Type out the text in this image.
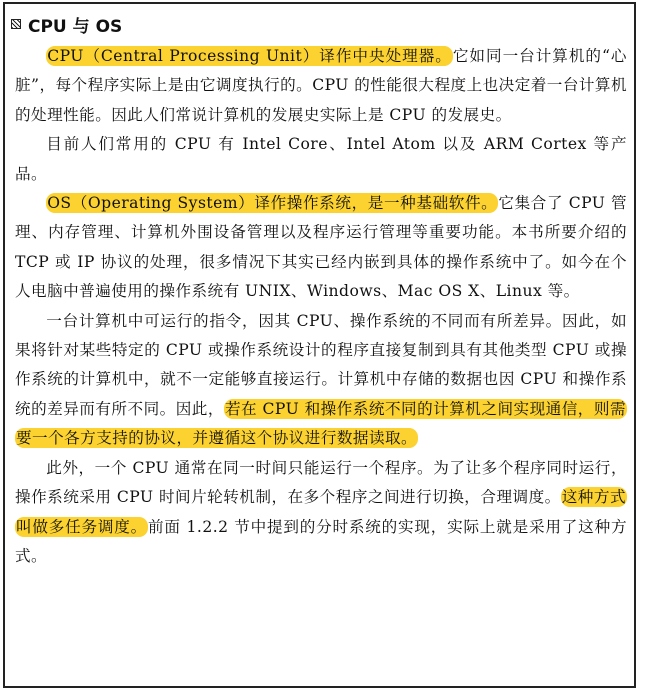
CPU 与 OS

CPU（Central Processing Unit）译作中央处理器。它如同一台计算机的“心脏”，每个程序实际上是由它调度执行的。CPU 的性能很大程度上也决定着一台计算机的处理性能。因此人们常说计算机的发展史实际上是 CPU 的发展史。

目前人们常用的 CPU 有 Intel Core、Intel Atom 以及 ARM Cortex 等产品。

OS（Operating System）译作操作系统，是一种基础软件。它集合了 CPU 管理、内存管理、计算机外围设备管理以及程序运行管理等重要功能。本书所要介绍的 TCP 或 IP 协议的处理，很多情况下其实已经内嵌到具体的操作系统中了。如今在个人电脑中普遍使用的操作系统有 UNIX、Windows、Mac OS X、Linux 等。

一台计算机中可运行的指令，因其 CPU、操作系统的不同而有所差异。因此，如果将针对某些特定的 CPU 或操作系统设计的程序直接复制到具有其他类型 CPU 或操作系统的计算机中，就不一定能够直接运行。计算机中存储的数据也因 CPU 和操作系统的差异而有所不同。因此，若在 CPU 和操作系统不同的计算机之间实现通信，则需要一个各方支持的协议，并遵循这个协议进行数据读取。

此外，一个 CPU 通常在同一时间只能运行一个程序。为了让多个程序同时运行，操作系统采用 CPU 时间片轮转机制，在多个程序之间进行切换，合理调度。这种方式叫做多任务调度。前面 1.2.2 节中提到的分时系统的实现，实际上就是采用了这种方式。
